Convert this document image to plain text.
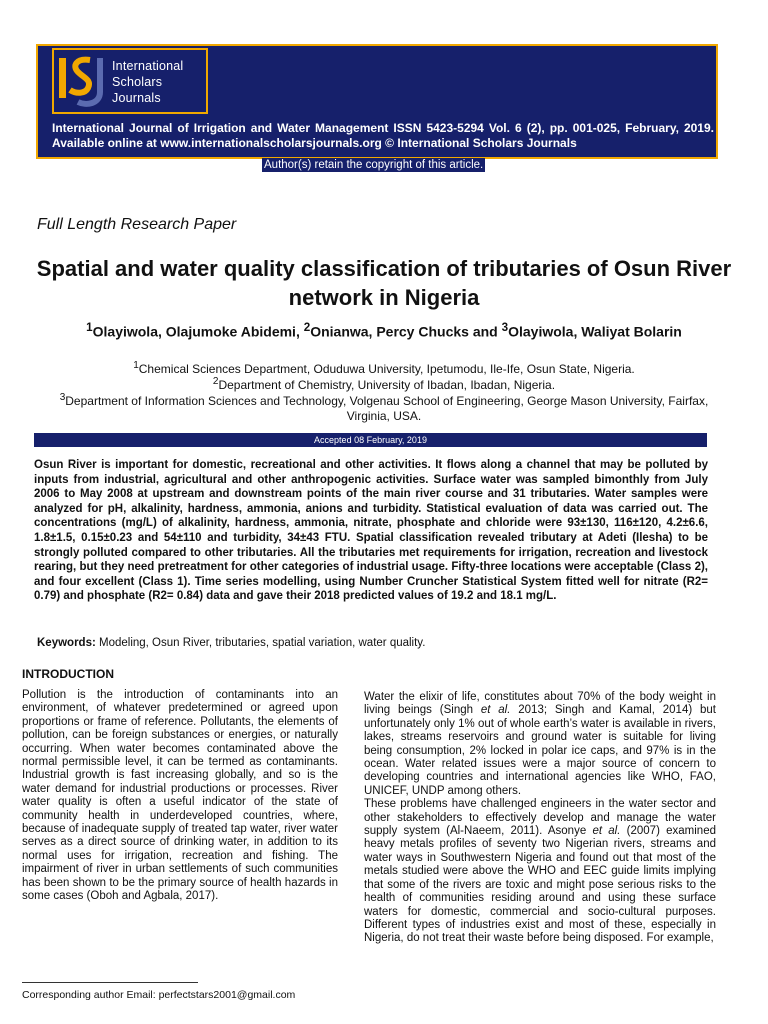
International
Scholars
Journals
International Journal of Irrigation and Water Management ISSN 5423-5294 Vol. 6 (2), pp. 001-025, February, 2019. Available online at www.internationalscholarsjournals.org © International Scholars Journals
Author(s) retain the copyright of this article.
Full Length Research Paper
Spatial and water quality classification of tributaries of Osun River network in Nigeria
$^1$Olayiwola, Olajumoke Abidemi, $^2$Onianwa, Percy Chucks and $^3$Olayiwola, Waliyat Bolarin
$^1$Chemical Sciences Department, Oduduwa University, Ipetumodu, Ile-Ife, Osun State, Nigeria.
$^2$Department of Chemistry, University of Ibadan, Ibadan, Nigeria.
$^3$Department of Information Sciences and Technology, Volgenau School of Engineering, George Mason University, Fairfax, Virginia, USA.
Accepted 08 February, 2019
Osun River is important for domestic, recreational and other activities. It flows along a channel that may be polluted by inputs from industrial, agricultural and other anthropogenic activities. Surface water was sampled bimonthly from July 2006 to May 2008 at upstream and downstream points of the main river course and 31 tributaries. Water samples were analyzed for pH, alkalinity, hardness, ammonia, anions and turbidity. Statistical evaluation of data was carried out. The concentrations (mg/L) of alkalinity, hardness, ammonia, nitrate, phosphate and chloride were 93±130, 116±120, 4.2±6.6, 1.8±1.5, 0.15±0.23 and 54±110 and turbidity, 34±43 FTU. Spatial classification revealed tributary at Adeti (Ilesha) to be strongly polluted compared to other tributaries. All the tributaries met requirements for irrigation, recreation and livestock rearing, but they need pretreatment for other categories of industrial usage. Fifty-three locations were acceptable (Class 2), and four excellent (Class 1). Time series modelling, using Number Cruncher Statistical System fitted well for nitrate (R2= 0.79) and phosphate (R2= 0.84) data and gave their 2018 predicted values of 19.2 and 18.1 mg/L.
Keywords: Modeling, Osun River, tributaries, spatial variation, water quality.
INTRODUCTION

Pollution is the introduction of contaminants into an environment, of whatever predetermined or agreed upon proportions or frame of reference. Pollutants, the elements of pollution, can be foreign substances or energies, or naturally occurring. When water becomes contaminated above the normal permissible level, it can be termed as contaminants. Industrial growth is fast increasing globally, and so is the water demand for industrial productions or processes. River water quality is often a useful indicator of the state of community health in underdeveloped countries, where, because of inadequate supply of treated tap water, river water serves as a direct source of drinking water, in addition to its normal uses for irrigation, recreation and fishing. The impairment of river in urban settlements of such communities has been shown to be the primary source of health hazards in some cases (Oboh and Agbala, 2017).

Water the elixir of life, constitutes about 70% of the body weight in living beings (Singh et al. 2013; Singh and Kamal, 2014) but unfortunately only 1% out of whole earth’s water is available in rivers, lakes, streams reservoirs and ground water is suitable for living being consumption, 2% locked in polar ice caps, and 97% is in the ocean. Water related issues were a major source of concern to developing countries and international agencies like WHO, FAO, UNICEF, UNDP among others.

These problems have challenged engineers in the water sector and other stakeholders to effectively develop and manage the water supply system (Al-Naeem, 2011). Asonye et al. (2007) examined heavy metals profiles of seventy two Nigerian rivers, streams and water ways in Southwestern Nigeria and found out that most of the metals studied were above the WHO and EEC guide limits implying that some of the rivers are toxic and might pose serious risks to the health of communities residing around and using these surface waters for domestic, commercial and socio-cultural purposes. Different types of industries exist and most of these, especially in Nigeria, do not treat their waste before being disposed. For example,

Corresponding author Email: perfectstars2001@gmail.com
